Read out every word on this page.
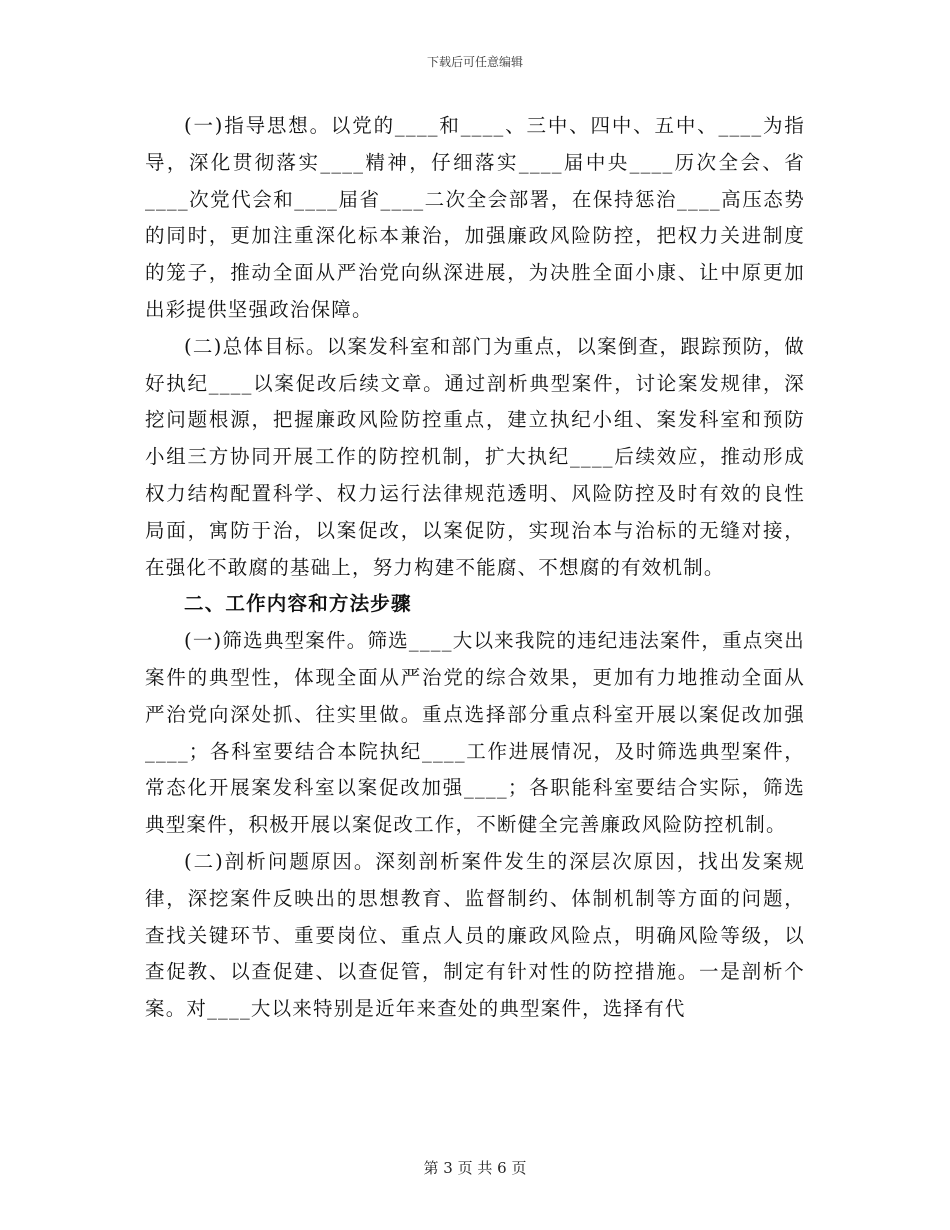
下载后可任意编辑

(一)指导思想。以党的____和____、三中、四中、五中、____为指导，深化贯彻落实____精神，仔细落实____届中央____历次全会、省____次党代会和____届省____二次全会部署，在保持惩治____高压态势的同时，更加注重深化标本兼治，加强廉政风险防控，把权力关进制度的笼子，推动全面从严治党向纵深进展，为决胜全面小康、让中原更加出彩提供坚强政治保障。

(二)总体目标。以案发科室和部门为重点，以案倒查，跟踪预防，做好执纪____以案促改后续文章。通过剖析典型案件，讨论案发规律，深挖问题根源，把握廉政风险防控重点，建立执纪小组、案发科室和预防小组三方协同开展工作的防控机制，扩大执纪____后续效应，推动形成权力结构配置科学、权力运行法律规范透明、风险防控及时有效的良性局面，寓防于治，以案促改，以案促防，实现治本与治标的无缝对接，在强化不敢腐的基础上，努力构建不能腐、不想腐的有效机制。

二、工作内容和方法步骤

(一)筛选典型案件。筛选____大以来我院的违纪违法案件，重点突出案件的典型性，体现全面从严治党的综合效果，更加有力地推动全面从严治党向深处抓、往实里做。重点选择部分重点科室开展以案促改加强____；各科室要结合本院执纪____工作进展情况，及时筛选典型案件，常态化开展案发科室以案促改加强____；各职能科室要结合实际，筛选典型案件，积极开展以案促改工作，不断健全完善廉政风险防控机制。

(二)剖析问题原因。深刻剖析案件发生的深层次原因，找出发案规律，深挖案件反映出的思想教育、监督制约、体制机制等方面的问题，查找关键环节、重要岗位、重点人员的廉政风险点，明确风险等级，以查促教、以查促建、以查促管，制定有针对性的防控措施。一是剖析个案。对____大以来特别是近年来查处的典型案件，选择有代

第 3 页 共 6 页
